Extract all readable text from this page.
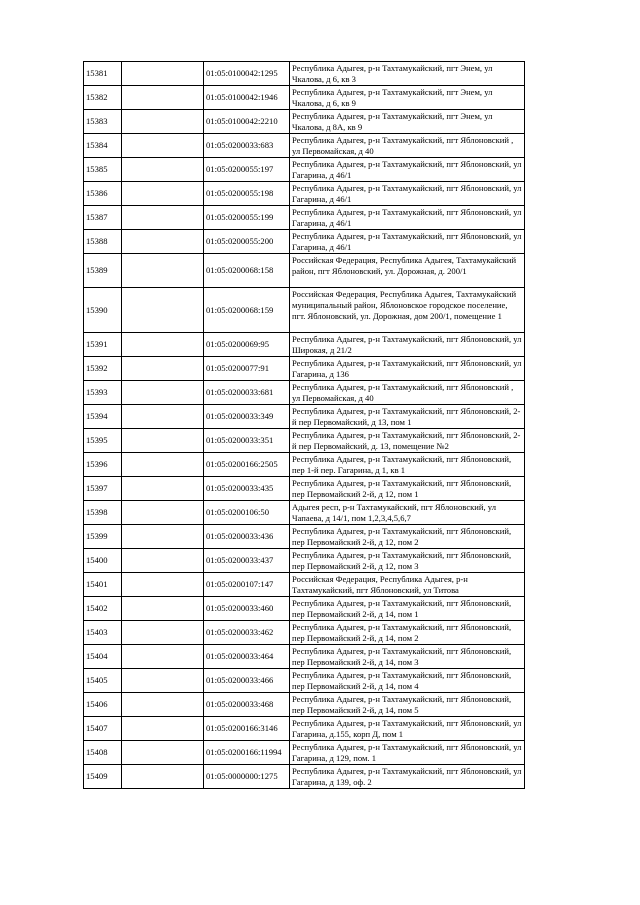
15381		01:05:0100042:1295	Республика Адыгея, р-н Тахтамукайский, пгт Энем, ул Чкалова, д 6, кв 3
15382		01:05:0100042:1946	Республика Адыгея, р-н Тахтамукайский, пгт Энем, ул Чкалова, д 6, кв 9
15383		01:05:0100042:2210	Республика Адыгея, р-н Тахтамукайский, пгт Энем, ул Чкалова, д 8А, кв 9
15384		01:05:0200033:683	Республика Адыгея, р-н Тахтамукайский, пгт Яблоновский , ул Первомайская, д 40
15385		01:05:0200055:197	Республика Адыгея, р-н Тахтамукайский, пгт Яблоновский, ул Гагарина, д 46/1
15386		01:05:0200055:198	Республика Адыгея, р-н Тахтамукайский, пгт Яблоновский, ул Гагарина, д 46/1
15387		01:05:0200055:199	Республика Адыгея, р-н Тахтамукайский, пгт Яблоновский, ул Гагарина, д 46/1
15388		01:05:0200055:200	Республика Адыгея, р-н Тахтамукайский, пгт Яблоновский, ул Гагарина, д 46/1
15389		01:05:0200068:158	Российская Федерация, Республика Адыгея, Тахтамукайский район, пгт Яблоновский, ул. Дорожная, д. 200/1
15390		01:05:0200068:159	Российская Федерация, Республика Адыгея, Тахтамукайский муниципальный район, Яблоновское городское поселение, пгт. Яблоновский, ул. Дорожная, дом 200/1, помещение 1
15391		01:05:0200069:95	Республика Адыгея, р-н Тахтамукайский, пгт Яблоновский, ул Широкая, д 21/2
15392		01:05:0200077:91	Республика Адыгея, р-н Тахтамукайский, пгт Яблоновский, ул Гагарина, д 136
15393		01:05:0200033:681	Республика Адыгея, р-н Тахтамукайский, пгт Яблоновский , ул Первомайская, д 40
15394		01:05:0200033:349	Республика Адыгея, р-н Тахтамукайский, пгт Яблоновский, 2-й пер Первомайский, д 13, пом 1
15395		01:05:0200033:351	Республика Адыгея, р-н Тахтамукайский, пгт Яблоновский, 2-й пер Первомайский, д. 13, помещение №2
15396		01:05:0200166:2505	Республика Адыгея, р-н Тахтамукайский, пгт Яблоновский, пер 1-й пер. Гагарина, д 1, кв 1
15397		01:05:0200033:435	Республика Адыгея, р-н Тахтамукайский, пгт Яблоновский, пер Первомайский 2-й, д 12, пом 1
15398		01:05:0200106:50	Адыгея респ, р-н Тахтамукайский, пгт Яблоновский, ул Чапаева, д 14/1, пом 1,2,3,4,5,6,7
15399		01:05:0200033:436	Республика Адыгея, р-н Тахтамукайский, пгт Яблоновский, пер Первомайский 2-й, д 12, пом 2
15400		01:05:0200033:437	Республика Адыгея, р-н Тахтамукайский, пгт Яблоновский, пер Первомайский 2-й, д 12, пом 3
15401		01:05:0200107:147	Российская Федерация, Республика Адыгея, р-н Тахтамукайский, пгт Яблоновский, ул Титова
15402		01:05:0200033:460	Республика Адыгея, р-н Тахтамукайский, пгт Яблоновский, пер Первомайский 2-й, д 14, пом 1
15403		01:05:0200033:462	Республика Адыгея, р-н Тахтамукайский, пгт Яблоновский, пер Первомайский 2-й, д 14, пом 2
15404		01:05:0200033:464	Республика Адыгея, р-н Тахтамукайский, пгт Яблоновский, пер Первомайский 2-й, д 14, пом 3
15405		01:05:0200033:466	Республика Адыгея, р-н Тахтамукайский, пгт Яблоновский, пер Первомайский 2-й, д 14, пом 4
15406		01:05:0200033:468	Республика Адыгея, р-н Тахтамукайский, пгт Яблоновский, пер Первомайский 2-й, д 14, пом 5
15407		01:05:0200166:3146	Республика Адыгея, р-н Тахтамукайский, пгт Яблоновский, ул Гагарина, д.155, корп Д, пом 1
15408		01:05:0200166:11994	Республика Адыгея, р-н Тахтамукайский, пгт Яблоновский, ул Гагарина, д 129, пом. 1
15409		01:05:0000000:1275	Республика Адыгея, р-н Тахтамукайский, пгт Яблоновский, ул Гагарина, д 139, оф. 2
